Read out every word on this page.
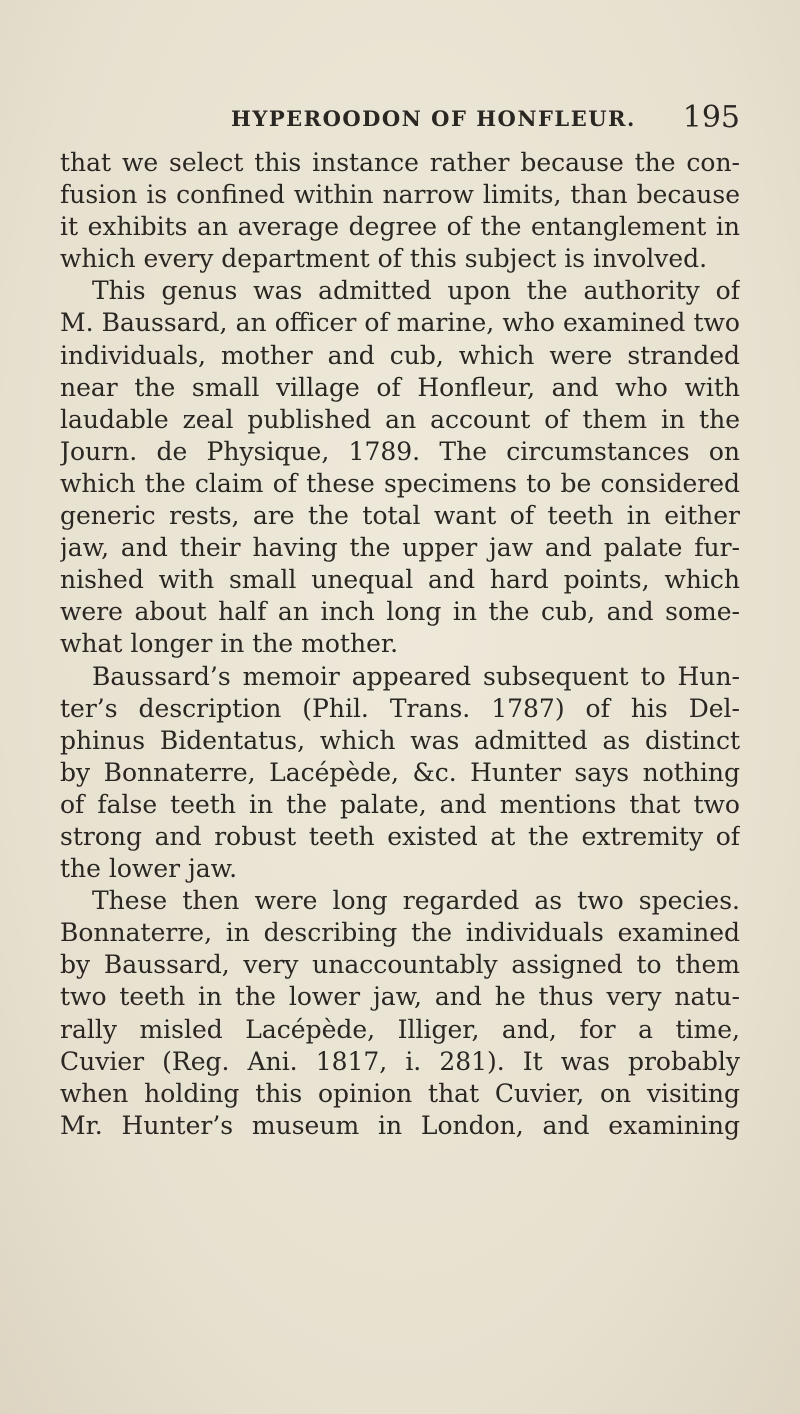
HYPEROODON OF HONFLEUR. 195
that we select this instance rather because the con-
fusion is confined within narrow limits, than because
it exhibits an average degree of the entanglement in
which every department of this subject is involved.
This genus was admitted upon the authority of
M. Baussard, an officer of marine, who examined two
individuals, mother and cub, which were stranded
near the small village of Honfleur, and who with
laudable zeal published an account of them in the
Journ. de Physique, 1789. The circumstances on
which the claim of these specimens to be considered
generic rests, are the total want of teeth in either
jaw, and their having the upper jaw and palate fur-
nished with small unequal and hard points, which
were about half an inch long in the cub, and some-
what longer in the mother.
Baussard’s memoir appeared subsequent to Hun-
ter’s description (Phil. Trans. 1787) of his Del-
phinus Bidentatus, which was admitted as distinct
by Bonnaterre, Lacépède, &c. Hunter says nothing
of false teeth in the palate, and mentions that two
strong and robust teeth existed at the extremity of
the lower jaw.
These then were long regarded as two species.
Bonnaterre, in describing the individuals examined
by Baussard, very unaccountably assigned to them
two teeth in the lower jaw, and he thus very natu-
rally misled Lacépède, Illiger, and, for a time,
Cuvier (Reg. Ani. 1817, i. 281). It was probably
when holding this opinion that Cuvier, on visiting
Mr. Hunter’s museum in London, and examining
